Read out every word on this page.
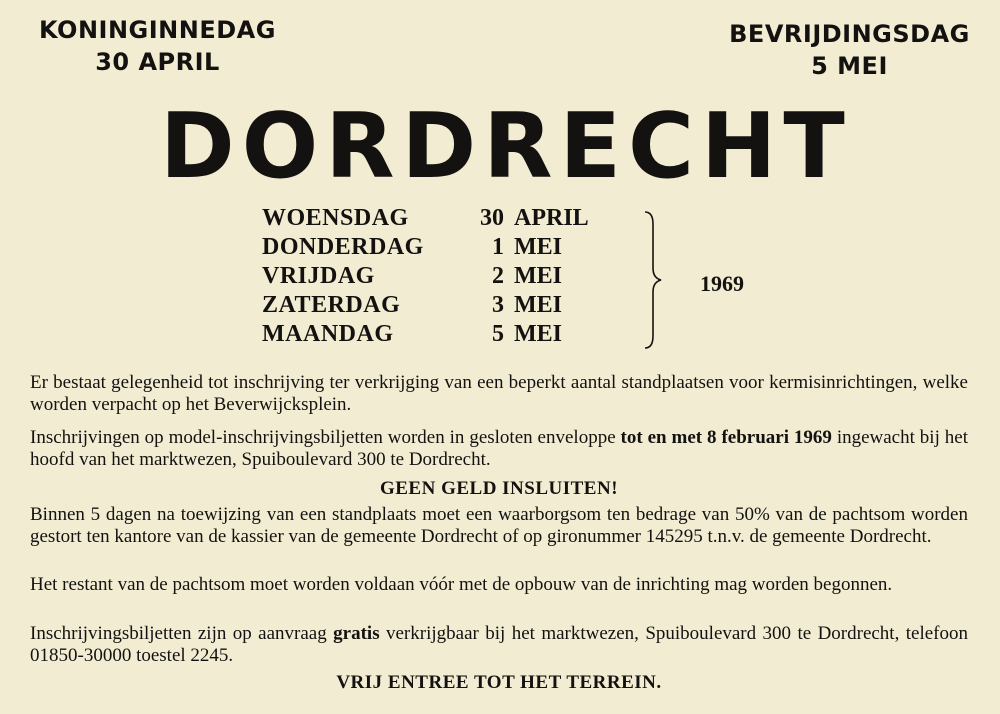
KONINGINNEDAG
30 APRIL
BEVRIJDINGSDAG
5 MEI
DORDRECHT
WOENSDAG	30 APRIL
DONDERDAG	1 MEI
VRIJDAG	2 MEI
ZATERDAG	3 MEI
MAANDAG	5 MEI
1969
Er bestaat gelegenheid tot inschrijving ter verkrijging van een beperkt aantal standplaatsen voor kermisinrichtingen, welke worden verpacht op het Beverwijcksplein.
Inschrijvingen op model-inschrijvingsbiljetten worden in gesloten enveloppe tot en met 8 februari 1969 ingewacht bij het hoofd van het marktwezen, Spuiboulevard 300 te Dordrecht.
GEEN GELD INSLUITEN!
Binnen 5 dagen na toewijzing van een standplaats moet een waarborgsom ten bedrage van 50% van de pachtsom worden gestort ten kantore van de kassier van de gemeente Dordrecht of op gironummer 145295 t.n.v. de gemeente Dordrecht.
Het restant van de pachtsom moet worden voldaan vóór met de opbouw van de inrichting mag worden begonnen.
Inschrijvingsbiljetten zijn op aanvraag gratis verkrijgbaar bij het marktwezen, Spuiboulevard 300 te Dordrecht, telefoon 01850-30000 toestel 2245.
VRIJ ENTREE TOT HET TERREIN.
